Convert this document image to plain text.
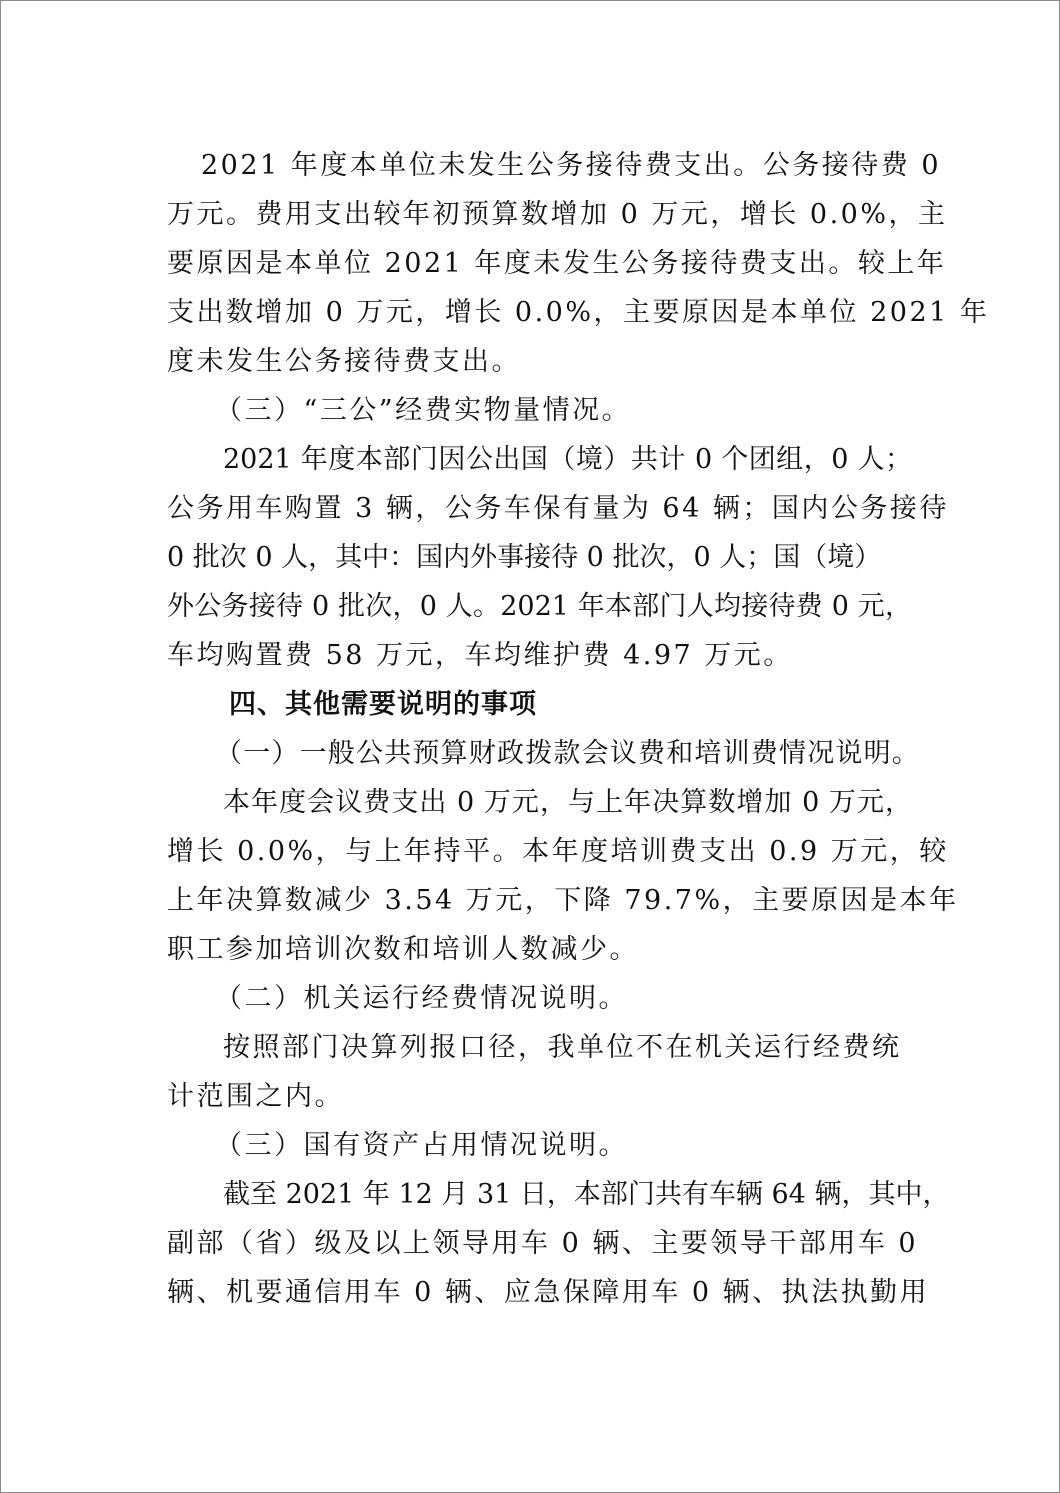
2021 年度本单位未发生公务接待费支出。公务接待费 0
万元。费用支出较年初预算数增加 0 万元，增长 0.0%，主
要原因是本单位 2021 年度未发生公务接待费支出。较上年
支出数增加 0 万元，增长 0.0%，主要原因是本单位 2021 年
度未发生公务接待费支出。
（三）“三公”经费实物量情况。
2021 年度本部门因公出国（境）共计 0 个团组，0 人；
公务用车购置 3 辆，公务车保有量为 64 辆；国内公务接待
0 批次 0 人，其中：国内外事接待 0 批次，0 人；国（境）
外公务接待 0 批次，0 人。2021 年本部门人均接待费 0 元，
车均购置费 58 万元，车均维护费 4.97 万元。
四、其他需要说明的事项
（一）一般公共预算财政拨款会议费和培训费情况说明。
本年度会议费支出 0 万元，与上年决算数增加 0 万元，
增长 0.0%，与上年持平。本年度培训费支出 0.9 万元，较
上年决算数减少 3.54 万元，下降 79.7%，主要原因是本年
职工参加培训次数和培训人数减少。
（二）机关运行经费情况说明。
按照部门决算列报口径，我单位不在机关运行经费统
计范围之内。
（三）国有资产占用情况说明。
截至 2021 年 12 月 31 日，本部门共有车辆 64 辆，其中，
副部（省）级及以上领导用车 0 辆、主要领导干部用车 0
辆、机要通信用车 0 辆、应急保障用车 0 辆、执法执勤用
